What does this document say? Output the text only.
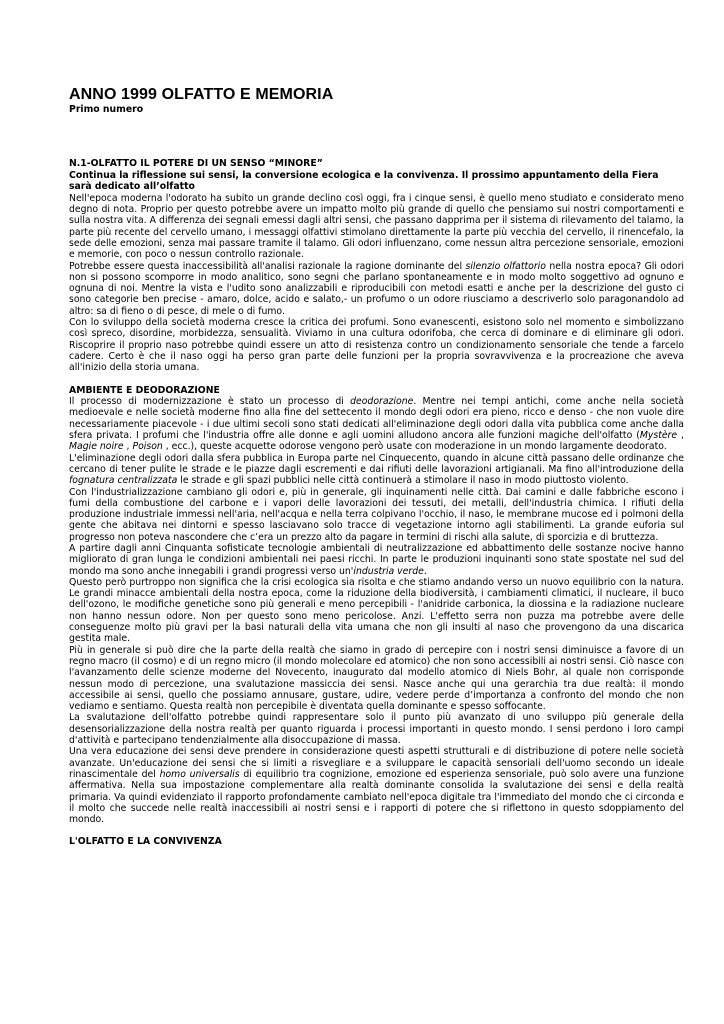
ANNO 1999 OLFATTO E MEMORIA

Primo numero

N.1-OLFATTO IL POTERE DI UN SENSO “MINORE”

Continua la riflessione sui sensi, la conversione ecologica e la convivenza. Il prossimo appuntamento della Fiera sarà dedicato all’olfatto

Nell'epoca moderna l'odorato ha subito un grande declino così oggi, fra i cinque sensi, è quello meno studiato e considerato meno degno di nota. Proprio per questo potrebbe avere un impatto molto più grande di quello che pensiamo sui nostri comportamenti e sulla nostra vita. A differenza dei segnali emessi dagli altri sensi, che passano dapprima per il sistema di rilevamento del talamo, la parte più recente del cervello umano, i messaggi olfattivi stimolano direttamente la parte più vecchia del cervello, il rinencefalo, la sede delle emozioni, senza mai passare tramite il talamo. Gli odori influenzano, come nessun altra percezione sensoriale, emozioni e memorie, con poco o nessun controllo razionale.

Potrebbe essere questa inaccessibilità all'analisi razionale la ragione dominante del silenzio olfattorio nella nostra epoca? Gli odori non si possono scomporre in modo analitico, sono segni che parlano spontaneamente e in modo molto soggettivo ad ognuno e ognuna di noi. Mentre la vista e l'udito sono analizzabili e riproducibili con metodi esatti e anche per la descrizione del gusto ci sono categorie ben precise - amaro, dolce, acido e salato,- un profumo o un odore riusciamo a descriverlo solo paragonandolo ad altro: sa di fieno o di pesce, di mele o di fumo.

Con lo sviluppo della società moderna cresce la critica dei profumi. Sono evanescenti, esistono solo nel momento e simbolizzano così spreco, disordine, morbidezza, sensualità. Viviamo in una cultura odorifoba, che cerca di dominare e di eliminare gli odori. Riscoprire il proprio naso potrebbe quindi essere un atto di resistenza contro un condizionamento sensoriale che tende a farcelo cadere. Certo è che il naso oggi ha perso gran parte delle funzioni per la propria sovravvivenza e la procreazione che aveva all'inizio della storia umana.

AMBIENTE E DEODORAZIONE

Il processo di modernizzazione è stato un processo di deodorazione. Mentre nei tempi antichi, come anche nella società medioevale e nelle società moderne fino alla fine del settecento il mondo degli odori era pieno, ricco e denso - che non vuole dire necessariamente piacevole - i due ultimi secoli sono stati dedicati all'eliminazione degli odori dalla vita pubblica come anche dalla sfera privata. I profumi che l'industria offre alle donne e agli uomini alludono ancora alle funzioni magiche dell'olfatto (Mystère , Magie noire , Poison , ecc.), queste acquette odorose vengono però usate con moderazione in un mondo largamente deodorato.

L'eliminazione degli odori dalla sfera pubblica in Europa parte nel Cinquecento, quando in alcune città passano delle ordinanze che cercano di tener pulite le strade e le piazze dagli escrementi e dai rifiuti delle lavorazioni artigianali. Ma fino all'introduzione della fognatura centralizzata le strade e gli spazi pubblici nelle città continuerà a stimolare il naso in modo piuttosto violento.

Con l'industrializzazione cambiano gli odori e, più in generale, gli inquinamenti nelle città. Dai camini e dalle fabbriche escono i fumi della combustione del carbone e i vapori delle lavorazioni dei tessuti, dei metalli, dell'industria chimica. I rifiuti della produzione industriale immessi nell'aria, nell'acqua e nella terra colpivano l'occhio, il naso, le membrane mucose ed i polmoni della gente che abitava nei dintorni e spesso lasciavano solo tracce di vegetazione intorno agli stabilimenti. La grande euforia sul progresso non poteva nascondere che c’era un prezzo alto da pagare in termini di rischi alla salute, di sporcizia e di bruttezza.

A partire dagli anni Cinquanta sofisticate tecnologie ambientali di neutralizzazione ed abbattimento delle sostanze nocive hanno migliorato di gran lunga le condizioni ambientali nei paesi ricchi. In parte le produzioni inquinanti sono state spostate nel sud del mondo ma sono anche innegabili i grandi progressi verso un'industria verde.

Questo però purtroppo non significa che la crisi ecologica sia risolta e che stiamo andando verso un nuovo equilibrio con la natura. Le grandi minacce ambientali della nostra epoca, come la riduzione della biodiversità, i cambiamenti climatici, il nucleare, il buco dell'ozono, le modifiche genetiche sono più generali e meno percepibili - l'anidride carbonica, la diossina e la radiazione nucleare non hanno nessun odore. Non per questo sono meno pericolose. Anzi. L'effetto serra non puzza ma potrebbe avere delle conseguenze molto più gravi per la basi naturali della vita umana che non gli insulti al naso che provengono da una discarica gestita male.

Più in generale si può dire che la parte della realtà che siamo in grado di percepire con i nostri sensi diminuisce a favore di un regno macro (il cosmo) e di un regno micro (il mondo molecolare ed atomico) che non sono accessibili ai nostri sensi. Ciò nasce con l'avanzamento delle scienze moderne del Novecento, inaugurato dal modello atomico di Niels Bohr, al quale non corrisponde nessun modo di percezione, una svalutazione massiccia dei sensi. Nasce anche qui una gerarchia tra due realtà: il mondo accessibile ai sensi, quello che possiamo annusare, gustare, udire, vedere perde d’importanza a confronto del mondo che non vediamo e sentiamo. Questa realtà non percepibile è diventata quella dominante e spesso soffocante.

La svalutazione dell'olfatto potrebbe quindi rappresentare solo il punto più avanzato di uno sviluppo più generale della desensorializzazione della nostra realtà per quanto riguarda i processi importanti in questo mondo. I sensi perdono i loro campi d'attività e partecipano tendenzialmente alla disoccupazione di massa.

Una vera educazione dei sensi deve prendere in considerazione questi aspetti strutturali e di distribuzione di potere nelle società avanzate. Un'educazione dei sensi che si limiti a risvegliare e a sviluppare le capacità sensoriali dell'uomo secondo un ideale rinascimentale del homo universalis di equilibrio tra cognizione, emozione ed esperienza sensoriale, può solo avere una funzione affermativa. Nella sua impostazione complementare alla realtà dominante consolida la svalutazione dei sensi e della realtà primaria. Va quindi evidenziato il rapporto profondamente cambiato nell'epoca digitale tra l'immediato del mondo che ci circonda e il molto che succede nelle realtà inaccessibili ai nostri sensi e i rapporti di potere che si riflettono in questo sdoppiamento del mondo.

L'OLFATTO E LA CONVIVENZA
